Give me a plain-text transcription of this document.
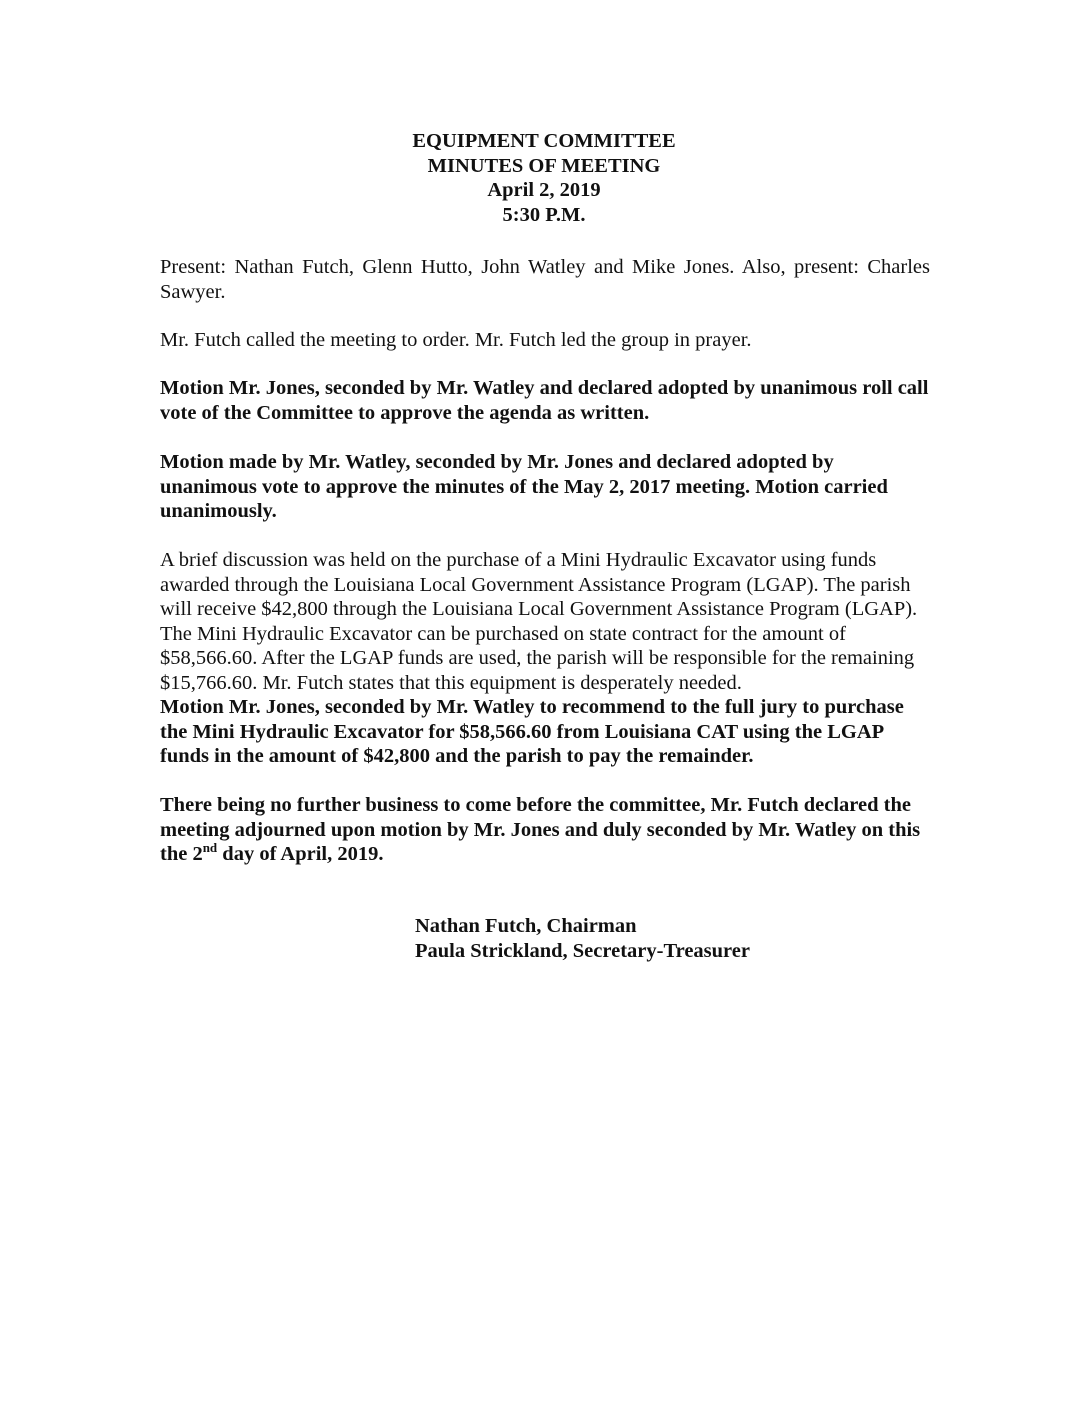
EQUIPMENT COMMITTEE
MINUTES OF MEETING
April 2, 2019
5:30 P.M.

Present: Nathan Futch, Glenn Hutto, John Watley and Mike Jones. Also, present: Charles Sawyer.

Mr. Futch called the meeting to order. Mr. Futch led the group in prayer.

Motion Mr. Jones, seconded by Mr. Watley and declared adopted by unanimous roll call vote of the Committee to approve the agenda as written.

Motion made by Mr. Watley, seconded by Mr. Jones and declared adopted by unanimous vote to approve the minutes of the May 2, 2017 meeting. Motion carried unanimously.

A brief discussion was held on the purchase of a Mini Hydraulic Excavator using funds awarded through the Louisiana Local Government Assistance Program (LGAP). The parish will receive $42,800 through the Louisiana Local Government Assistance Program (LGAP). The Mini Hydraulic Excavator can be purchased on state contract for the amount of $58,566.60. After the LGAP funds are used, the parish will be responsible for the remaining $15,766.60. Mr. Futch states that this equipment is desperately needed.
Motion Mr. Jones, seconded by Mr. Watley to recommend to the full jury to purchase the Mini Hydraulic Excavator for $58,566.60 from Louisiana CAT using the LGAP funds in the amount of $42,800 and the parish to pay the remainder.

There being no further business to come before the committee, Mr. Futch declared the meeting adjourned upon motion by Mr. Jones and duly seconded by Mr. Watley on this the 2nd day of April, 2019.

Nathan Futch, Chairman
Paula Strickland, Secretary-Treasurer
